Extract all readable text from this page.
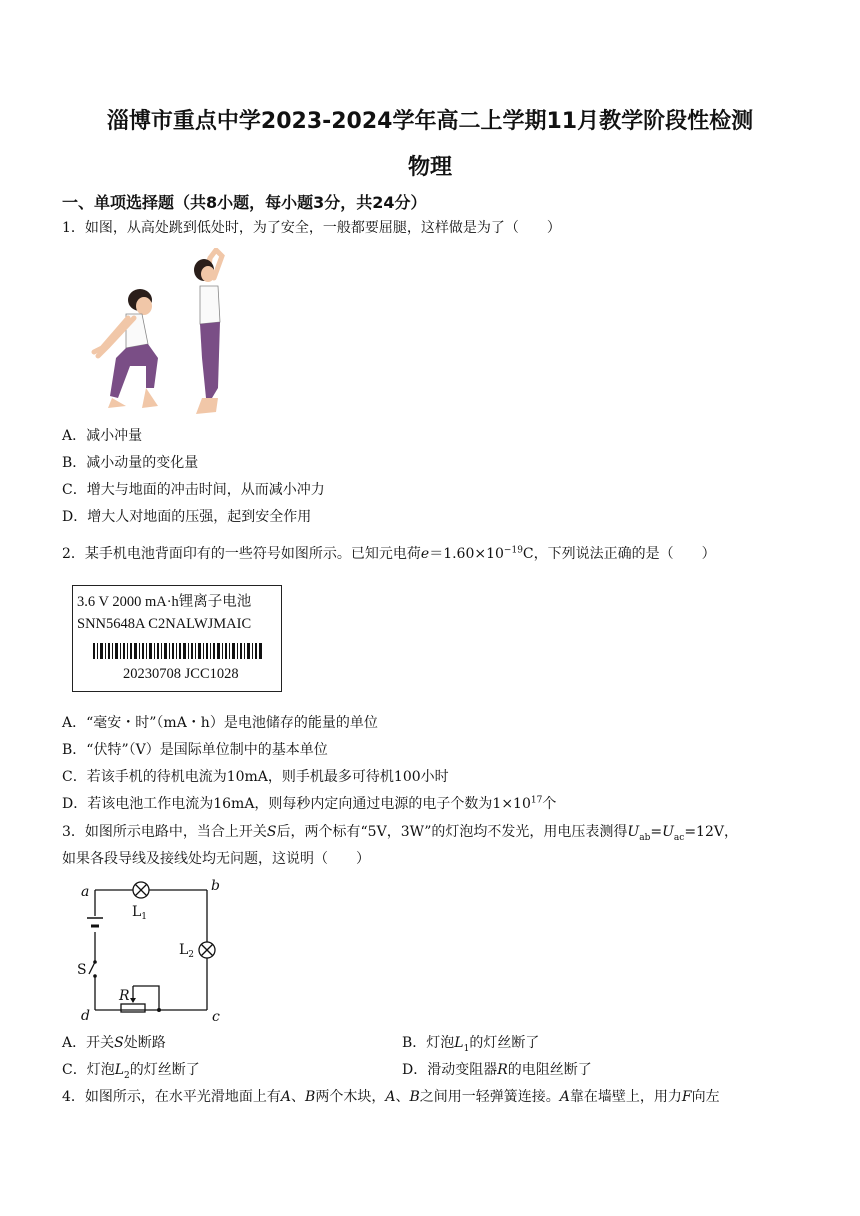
淄博市重点中学2023-2024学年高二上学期11月教学阶段性检测
物理
一、单项选择题（共8小题，每小题3分，共24分）
1．如图，从高处跳到低处时，为了安全，一般都要屈腿，这样做是为了（　　）
A．减小冲量
B．减小动量的变化量
C．增大与地面的冲击时间，从而减小冲力
D．增大人对地面的压强，起到安全作用
2．某手机电池背面印有的一些符号如图所示。已知元电荷$e=1.60\times 10^{-19}C$，下列说法正确的是（　　）
3.6 V 2000 mA·h锂离子电池
SNN5648A C2NALWJMAIC
20230708 JCC1028
A．“毫安・时”（mA・h）是电池储存的能量的单位
B．“伏特”（V）是国际单位制中的基本单位
C．若该手机的待机电流为10mA，则手机最多可待机100小时
D．若该电池工作电流为16mA，则每秒内定向通过电源的电子个数为$1\times 10^{17}$个
3．如图所示电路中，当合上开关S后，两个标有“5V，3W”的灯泡均不发光，用电压表测得$U_{ab}=U_{ac}=12V$，
如果各段导线及接线处均无问题，这说明（　　）
a	b
c
d
$L_1$
$L_2$
S
R
A．开关S处断路	B．灯泡$L_1$的灯丝断了
C．灯泡$L_2$的灯丝断了	D．滑动变阻器R的电阻丝断了
4．如图所示，在水平光滑地面上有A、B两个木块，A、B之间用一轻弹簧连接。A靠在墙壁上，用力F向左
